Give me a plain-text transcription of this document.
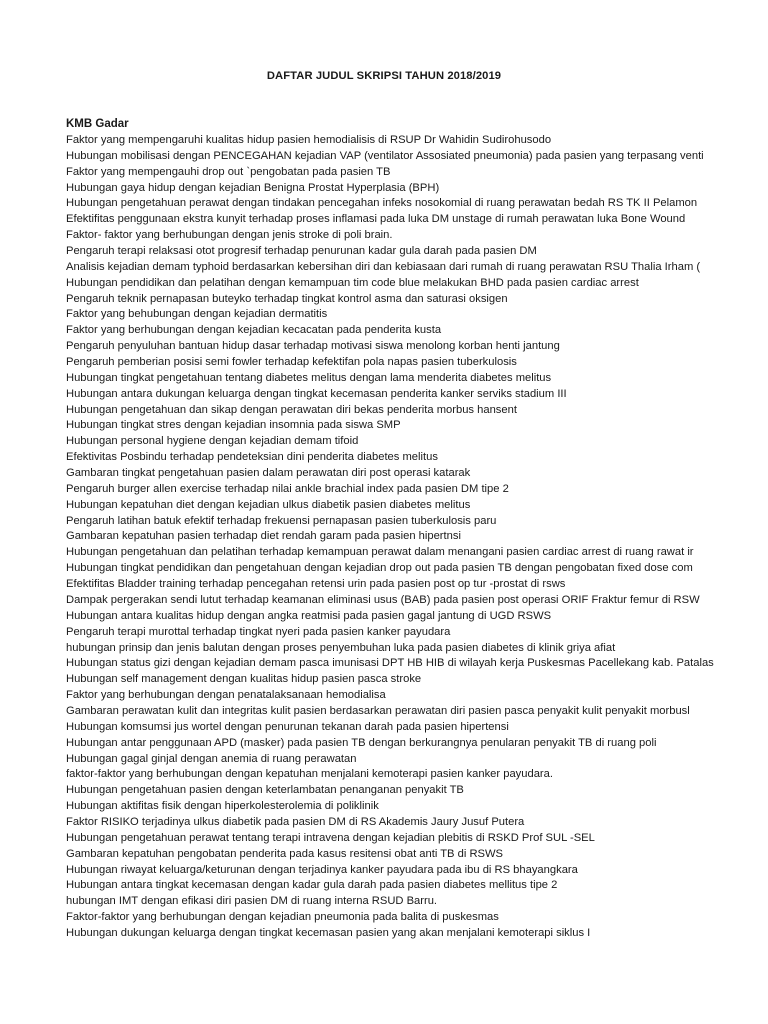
DAFTAR JUDUL SKRIPSI TAHUN 2018/2019
KMB Gadar
Faktor yang mempengaruhi kualitas hidup pasien hemodialisis di RSUP Dr Wahidin Sudirohusodo
Hubungan mobilisasi dengan PENCEGAHAN kejadian VAP (ventilator Assosiated pneumonia) pada pasien yang terpasang venti
Faktor yang mempengauhi drop out `pengobatan pada pasien TB
Hubungan gaya hidup dengan kejadian Benigna Prostat Hyperplasia (BPH)
Hubungan pengetahuan perawat dengan tindakan pencegahan infeks nosokomial di ruang perawatan bedah RS TK II Pelamon
Efektifitas penggunaan ekstra kunyit terhadap proses inflamasi pada luka DM unstage di rumah perawatan luka Bone Wound
Faktor- faktor yang berhubungan dengan jenis stroke di poli brain.
Pengaruh terapi relaksasi otot progresif terhadap penurunan kadar gula darah pada pasien DM
Analisis kejadian demam typhoid berdasarkan kebersihan diri dan kebiasaan dari rumah di ruang perawatan RSU Thalia Irham (
Hubungan pendidikan dan pelatihan dengan kemampuan tim code blue melakukan BHD pada pasien cardiac arrest
Pengaruh teknik pernapasan buteyko terhadap tingkat kontrol asma dan saturasi oksigen
Faktor yang behubungan dengan kejadian dermatitis
Faktor yang berhubungan dengan kejadian kecacatan pada penderita kusta
Pengaruh penyuluhan bantuan hidup dasar terhadap motivasi siswa menolong korban henti jantung
Pengaruh pemberian posisi semi fowler terhadap kefektifan pola napas pasien tuberkulosis
Hubungan tingkat pengetahuan tentang diabetes melitus dengan lama menderita diabetes melitus
Hubungan antara dukungan keluarga dengan tingkat kecemasan penderita kanker serviks stadium III
Hubungan pengetahuan dan sikap dengan perawatan diri bekas penderita morbus hansent
Hubungan tingkat stres dengan kejadian insomnia pada siswa SMP
Hubungan personal hygiene dengan kejadian demam tifoid
Efektivitas Posbindu terhadap pendeteksian dini penderita diabetes melitus
Gambaran tingkat pengetahuan pasien dalam perawatan diri post operasi katarak
Pengaruh burger allen exercise terhadap nilai ankle brachial index pada pasien DM tipe 2
Hubungan kepatuhan diet dengan kejadian ulkus diabetik pasien diabetes melitus
Pengaruh latihan batuk efektif terhadap frekuensi pernapasan pasien tuberkulosis paru
Gambaran kepatuhan pasien terhadap diet rendah garam pada pasien hipertnsi
Hubungan pengetahuan dan pelatihan terhadap kemampuan perawat dalam menangani pasien cardiac arrest di ruang rawat ir
Hubungan tingkat pendidikan dan pengetahuan dengan kejadian drop out pada pasien TB dengan pengobatan fixed dose com
Efektifitas Bladder training terhadap pencegahan retensi urin pada pasien post op tur -prostat di rsws
Dampak pergerakan sendi lutut terhadap keamanan eliminasi usus (BAB) pada pasien post operasi ORIF Fraktur femur di RSW
Hubungan antara kualitas hidup dengan angka reatmisi pada pasien gagal jantung di UGD RSWS
Pengaruh terapi murottal terhadap tingkat nyeri pada pasien kanker payudara
hubungan prinsip dan jenis balutan dengan proses penyembuhan luka pada pasien diabetes di klinik griya afiat
Hubungan status gizi dengan kejadian demam pasca imunisasi DPT HB HIB di wilayah kerja Puskesmas Pacellekang kab. Patalas
Hubungan self management dengan kualitas hidup pasien pasca stroke
Faktor yang berhubungan dengan penatalaksanaan hemodialisa
Gambaran perawatan kulit dan integritas kulit pasien berdasarkan perawatan diri pasien pasca penyakit kulit penyakit morbusl
Hubungan komsumsi jus wortel dengan penurunan tekanan darah pada pasien hipertensi
Hubungan antar penggunaan APD (masker) pada pasien TB dengan berkurangnya penularan penyakit TB di ruang poli
Hubungan gagal ginjal dengan anemia di ruang perawatan
faktor-faktor yang berhubungan dengan kepatuhan menjalani kemoterapi pasien kanker payudara.
Hubungan pengetahuan pasien dengan keterlambatan penanganan penyakit TB
Hubungan aktifitas fisik dengan hiperkolesterolemia di poliklinik
Faktor RISIKO terjadinya ulkus diabetik pada pasien DM di RS Akademis Jaury Jusuf Putera
Hubungan pengetahuan perawat tentang terapi intravena dengan kejadian plebitis di RSKD Prof SUL -SEL
Gambaran kepatuhan pengobatan penderita pada kasus resitensi obat anti TB di RSWS
Hubungan riwayat keluarga/keturunan dengan terjadinya kanker payudara pada ibu di RS bhayangkara
Hubungan antara tingkat kecemasan dengan kadar gula darah pada pasien diabetes mellitus tipe 2
hubungan IMT dengan efikasi diri pasien DM di ruang interna RSUD Barru.
Faktor-faktor yang berhubungan dengan kejadian pneumonia pada balita di puskesmas
Hubungan dukungan keluarga dengan tingkat kecemasan pasien yang akan menjalani kemoterapi siklus I
